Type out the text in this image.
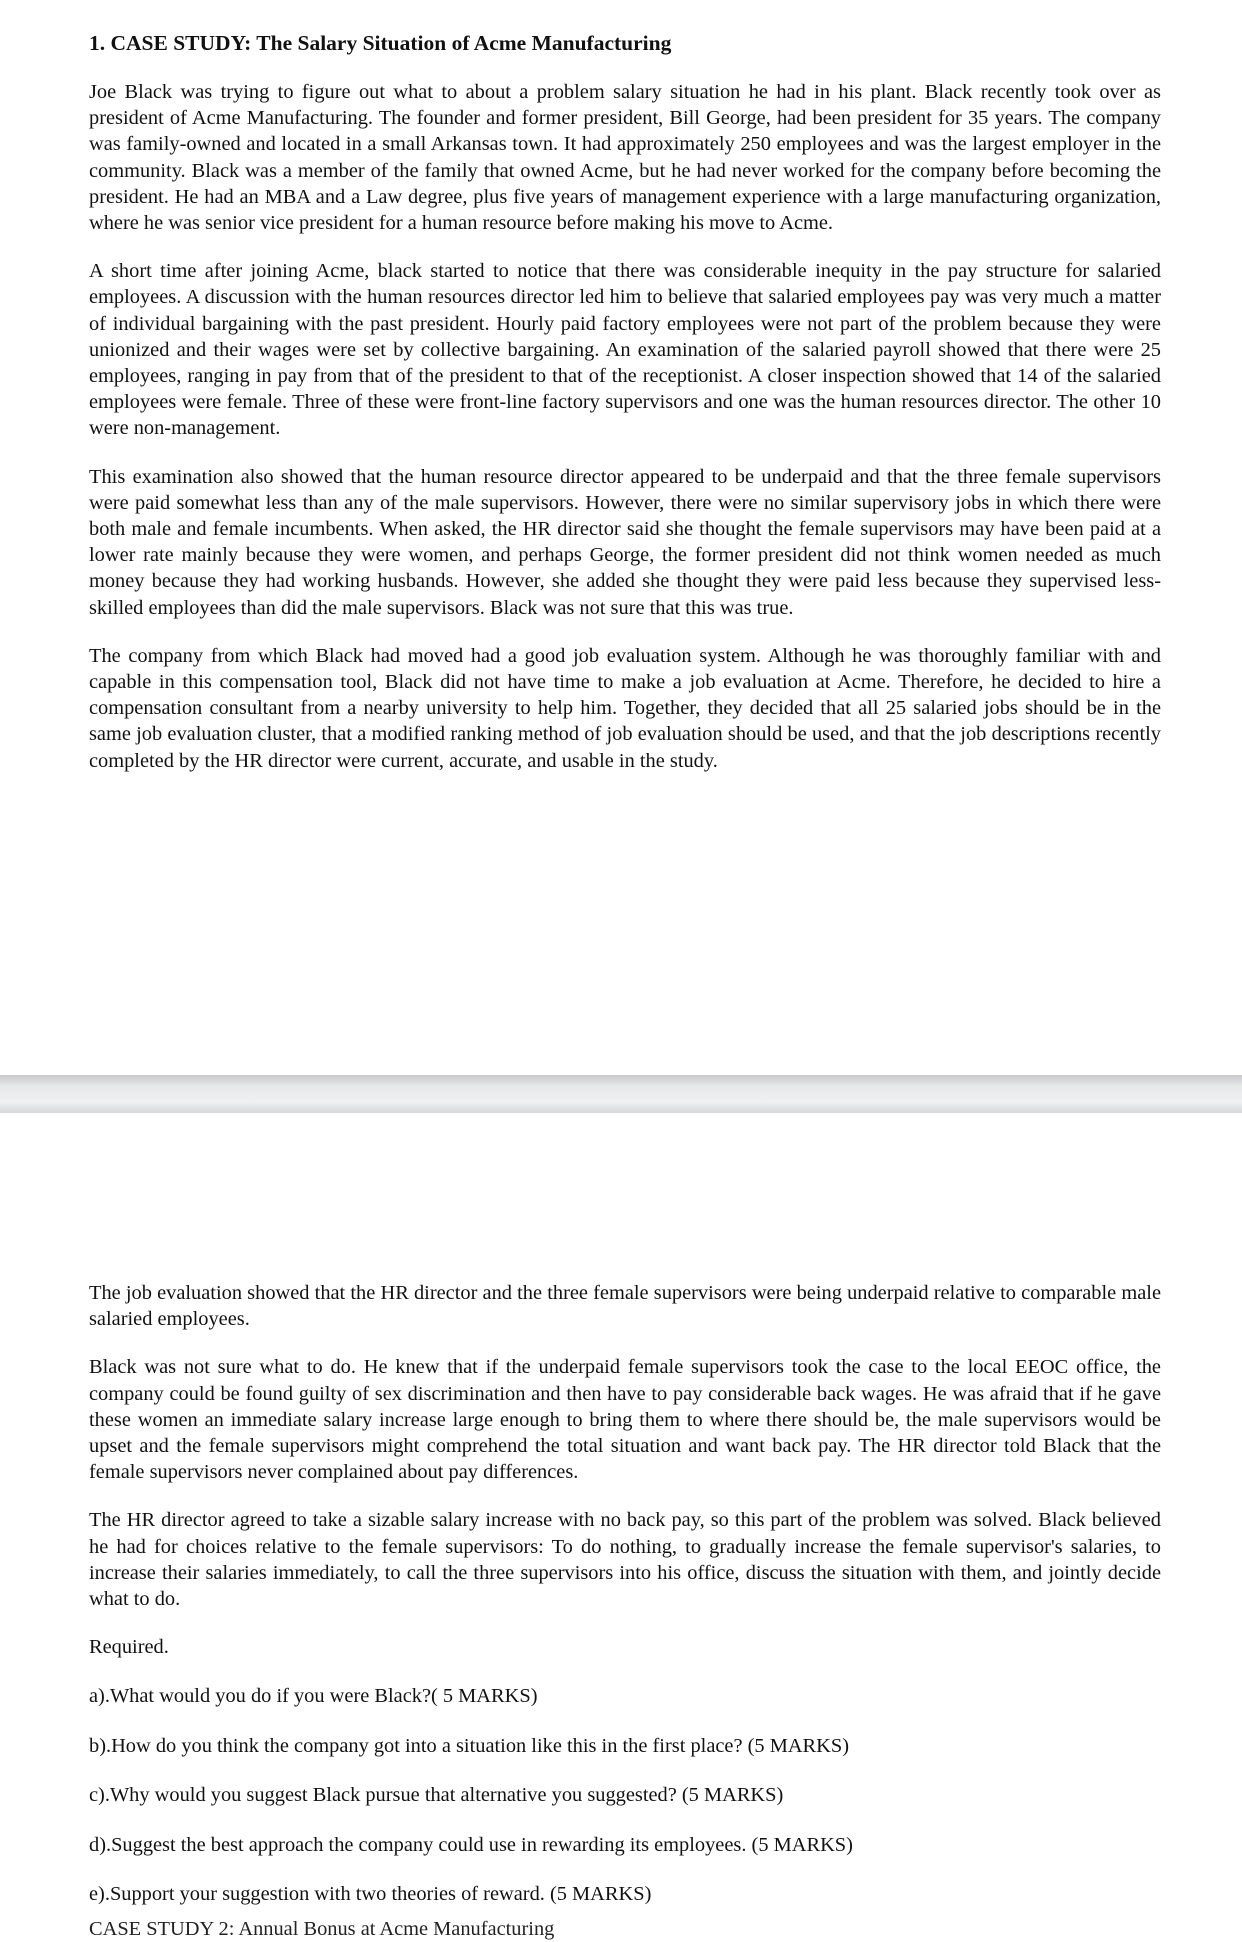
1. CASE STUDY: The Salary Situation of Acme Manufacturing

Joe Black was trying to figure out what to about a problem salary situation he had in his plant. Black recently took over as president of Acme Manufacturing. The founder and former president, Bill George, had been president for 35 years. The company was family-owned and located in a small Arkansas town. It had approximately 250 employees and was the largest employer in the community. Black was a member of the family that owned Acme, but he had never worked for the company before becoming the president. He had an MBA and a Law degree, plus five years of management experience with a large manufacturing organization, where he was senior vice president for a human resource before making his move to Acme.

A short time after joining Acme, black started to notice that there was considerable inequity in the pay structure for salaried employees. A discussion with the human resources director led him to believe that salaried employees pay was very much a matter of individual bargaining with the past president. Hourly paid factory employees were not part of the problem because they were unionized and their wages were set by collective bargaining. An examination of the salaried payroll showed that there were 25 employees, ranging in pay from that of the president to that of the receptionist. A closer inspection showed that 14 of the salaried employees were female. Three of these were front-line factory supervisors and one was the human resources director. The other 10 were non-management.

This examination also showed that the human resource director appeared to be underpaid and that the three female supervisors were paid somewhat less than any of the male supervisors. However, there were no similar supervisory jobs in which there were both male and female incumbents. When asked, the HR director said she thought the female supervisors may have been paid at a lower rate mainly because they were women, and perhaps George, the former president did not think women needed as much money because they had working husbands. However, she added she thought they were paid less because they supervised less-skilled employees than did the male supervisors. Black was not sure that this was true.

The company from which Black had moved had a good job evaluation system. Although he was thoroughly familiar with and capable in this compensation tool, Black did not have time to make a job evaluation at Acme. Therefore, he decided to hire a compensation consultant from a nearby university to help him. Together, they decided that all 25 salaried jobs should be in the same job evaluation cluster, that a modified ranking method of job evaluation should be used, and that the job descriptions recently completed by the HR director were current, accurate, and usable in the study.

The job evaluation showed that the HR director and the three female supervisors were being underpaid relative to comparable male salaried employees.

Black was not sure what to do. He knew that if the underpaid female supervisors took the case to the local EEOC office, the company could be found guilty of sex discrimination and then have to pay considerable back wages. He was afraid that if he gave these women an immediate salary increase large enough to bring them to where there should be, the male supervisors would be upset and the female supervisors might comprehend the total situation and want back pay. The HR director told Black that the female supervisors never complained about pay differences.

The HR director agreed to take a sizable salary increase with no back pay, so this part of the problem was solved. Black believed he had for choices relative to the female supervisors: To do nothing, to gradually increase the female supervisor's salaries, to increase their salaries immediately, to call the three supervisors into his office, discuss the situation with them, and jointly decide what to do.

Required.

a).What would you do if you were Black?( 5 MARKS)

b).How do you think the company got into a situation like this in the first place? (5 MARKS)

c).Why would you suggest Black pursue that alternative you suggested? (5 MARKS)

d).Suggest the best approach the company could use in rewarding its employees. (5 MARKS)

e).Support your suggestion with two theories of reward. (5 MARKS)

CASE STUDY 2: Annual Bonus at Acme Manufacturing
